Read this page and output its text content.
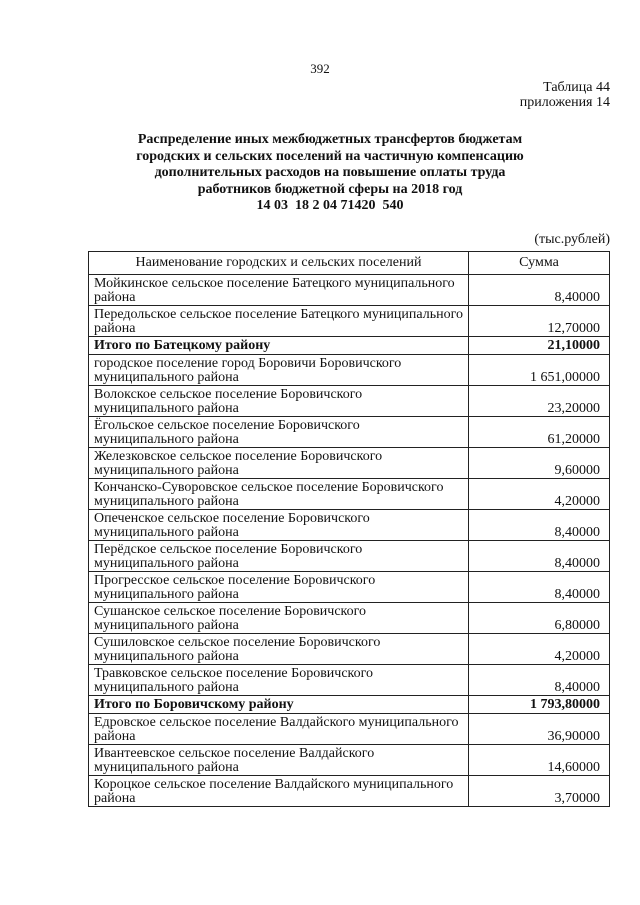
392
Таблица 44
приложения 14
Распределение иных межбюджетных трансфертов бюджетам
городских и сельских поселений на частичную компенсацию
дополнительных расходов на повышение оплаты труда
работников бюджетной сферы на 2018 год
14 03  18 2 04 71420  540
(тыс.рублей)
Наименование городских и сельских поселений	Сумма
Мойкинское сельское поселение Батецкого муниципального района	8,40000
Передольское сельское поселение Батецкого муниципального района	12,70000
Итого по Батецкому району	21,10000
городское поселение город Боровичи Боровичского муниципального района	1 651,00000
Волокское сельское поселение Боровичского муниципального района	23,20000
Ёгольское сельское поселение Боровичского муниципального района	61,20000
Железковское сельское поселение Боровичского муниципального района	9,60000
Кончанско-Суворовское сельское поселение Боровичского муниципального района	4,20000
Опеченское сельское поселение Боровичского муниципального района	8,40000
Перёдское сельское поселение Боровичского муниципального района	8,40000
Прогресское сельское поселение Боровичского муниципального района	8,40000
Сушанское сельское поселение Боровичского муниципального района	6,80000
Сушиловское сельское поселение Боровичского муниципального района	4,20000
Травковское сельское поселение Боровичского муниципального района	8,40000
Итого по Боровичскому району	1 793,80000
Едровское сельское поселение Валдайского муниципального района	36,90000
Ивантеевское сельское поселение Валдайского муниципального района	14,60000
Короцкое сельское поселение Валдайского муниципального района	3,70000
